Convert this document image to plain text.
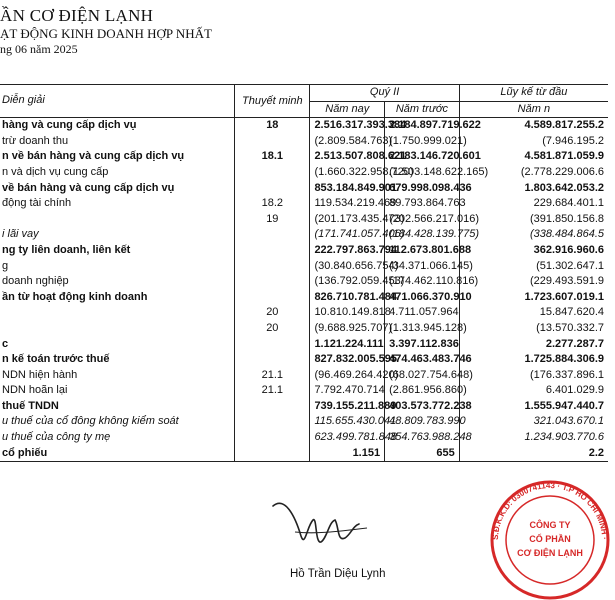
ẦN CƠ ĐIỆN LẠNH
ẠT ĐỘNG KINH DOANH HỢP NHẤT
ng 06 năm 2025
Diễn giải	Thuyết minh	Quý II		Lũy kế từ đầu
		Năm nay	Năm trước	Năm n
hàng và cung cấp dịch vụ	18	2.516.317.393.384	2.184.897.719.622	4.589.817.255.2
trừ doanh thu		(2.809.584.763)	(1.750.999.021)	(7.946.195.2
n về bán hàng và cung cấp dịch vụ	18.1	2.513.507.808.621	2.183.146.720.601	4.581.871.059.9
n và dịch vụ cung cấp		(1.660.322.958.720)	(1.503.148.622.165)	(2.778.229.006.6
về bán hàng và cung cấp dịch vụ		853.184.849.901	679.998.098.436	1.803.642.053.2
động tài chính	18.2	119.534.219.469	89.793.864.763	229.684.401.1
	19	(201.173.435.473)	(202.566.217.016)	(391.850.156.8
i lãi vay		(171.741.057.406)	(184.428.139.775)	(338.484.864.5
ng ty liên doanh, liên kết		222.797.863.794	112.673.801.688	362.916.960.6
g		(30.840.656.754)	(34.371.066.145)	(51.302.647.1
doanh nghiệp		(136.792.059.453)	(174.462.110.816)	(229.493.591.9
ần từ hoạt động kinh doanh		826.710.781.484	471.066.370.910	1.723.607.019.1
	20	10.810.149.818	4.711.057.964	15.847.620.4
	20	(9.688.925.707)	(1.313.945.128)	(13.570.332.7
c		1.121.224.111	3.397.112.836	2.277.287.7
n kế toán trước thuế		827.832.005.595	474.463.483.746	1.725.884.306.9
NDN hiện hành	21.1	(96.469.264.420)	(68.027.754.648)	(176.337.896.1
NDN hoãn lại	21.1	7.792.470.714	(2.861.956.860)	6.401.029.9
thuế TNDN		739.155.211.889	403.573.772.238	1.555.947.440.7
u thuế của cổ đông không kiểm soát		115.655.430.041	48.809.783.990	321.043.670.1
u thuế của công ty mẹ		623.499.781.848	354.763.988.248	1.234.903.770.6
cổ phiếu		1.151	655	2.2
Hồ Trần Diệu Lynh
S.Đ.K.K.D: 0300741143 · T.P HỒ CHÍ MINH ·
CÔNG TY
CỔ PHẦN
CƠ ĐIỆN LẠNH
